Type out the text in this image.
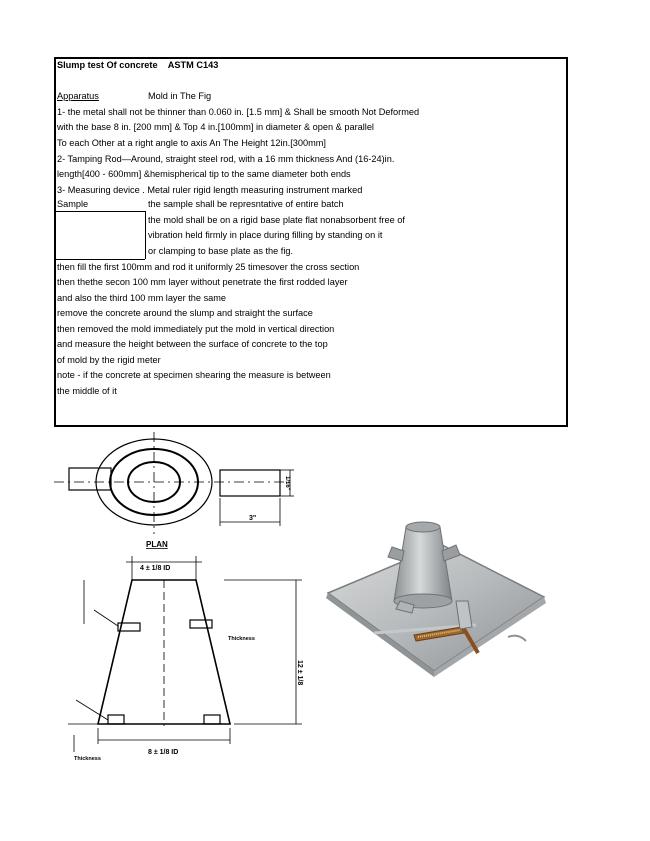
Slump test Of concrete ASTM C143
Apparatus	Mold in The Fig
1- the metal shall not be thinner than 0.060 in. [1.5 mm] & Shall be smooth Not Deformed
with the base 8 in. [200 mm] & Top 4 in.[100mm] in diameter & open & parallel
To each Other at a right angle to axis An The Height 12in.[300mm]
2- Tamping Rod—Around, straight steel rod, with a 16 mm thickness And (16-24)in.
length[400 - 600mm] &hemispherical tip to the same diameter both ends
3- Measuring device . Metal ruler rigid length measuring instrument marked
Sample	the sample shall be represntative of entire batch
the mold shall be on a rigid base plate flat nonabsorbent free of
vibration held firmly in place during filling by standing on it
or clamping to base plate as the fig.
then fill the first 100mm and rod it uniformly 25 timesover the cross section
then thethe secon 100 mm layer without penetrate the first rodded layer
and also the third 100 mm layer the same
remove the concrete around the slump and straight the surface
then removed the mold immediately put the mold in vertical direction
and measure the height between the surface of concrete to the top
of mold by the rigid meter
note - if the concrete at specimen shearing the measure is between
the middle of it
PLAN
4 ± 1/8 ID
8 ± 1/8 ID
Thickness
3"
Thickness
12 ± 1/8
1/16"
